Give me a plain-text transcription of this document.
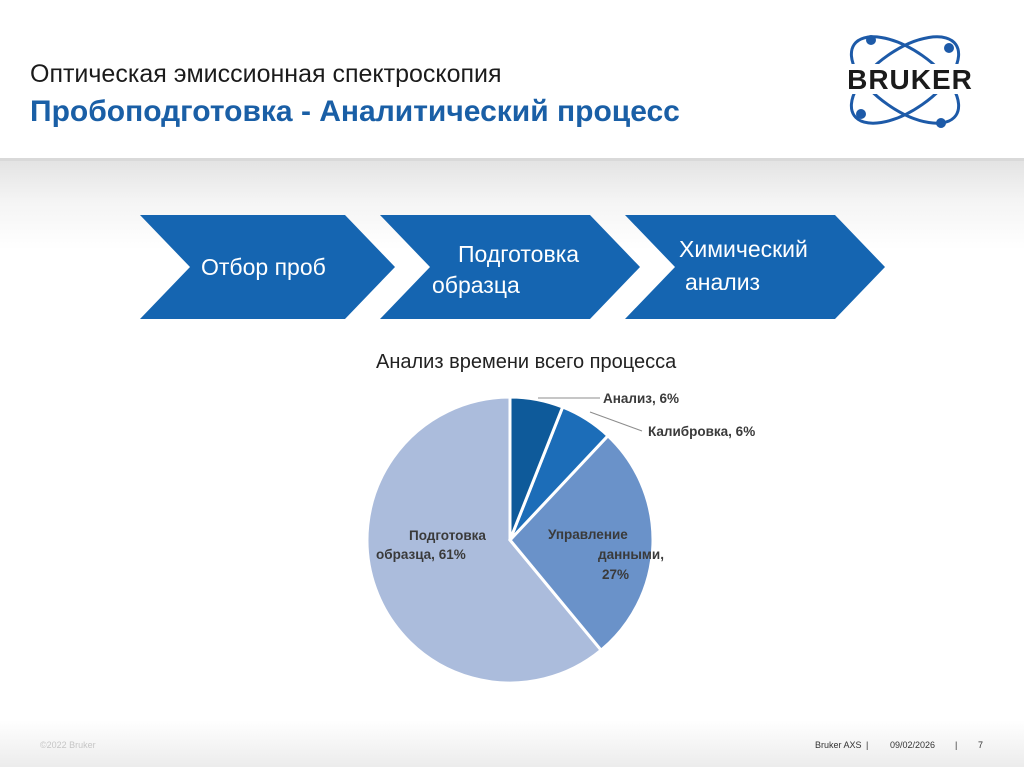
Оптическая эмиссионная спектроскопия
Пробоподготовка - Аналитический процесс
BRUKER
Отбор проб	Подготовка
образца
Химический
анализ
Анализ времени всего процесса
Анализ, 6%
Калибровка, 6%
Управление
данными,
27%
Подготовка
образца, 61%
©2022 Bruker	Bruker AXS | 09/02/2026 | 7
